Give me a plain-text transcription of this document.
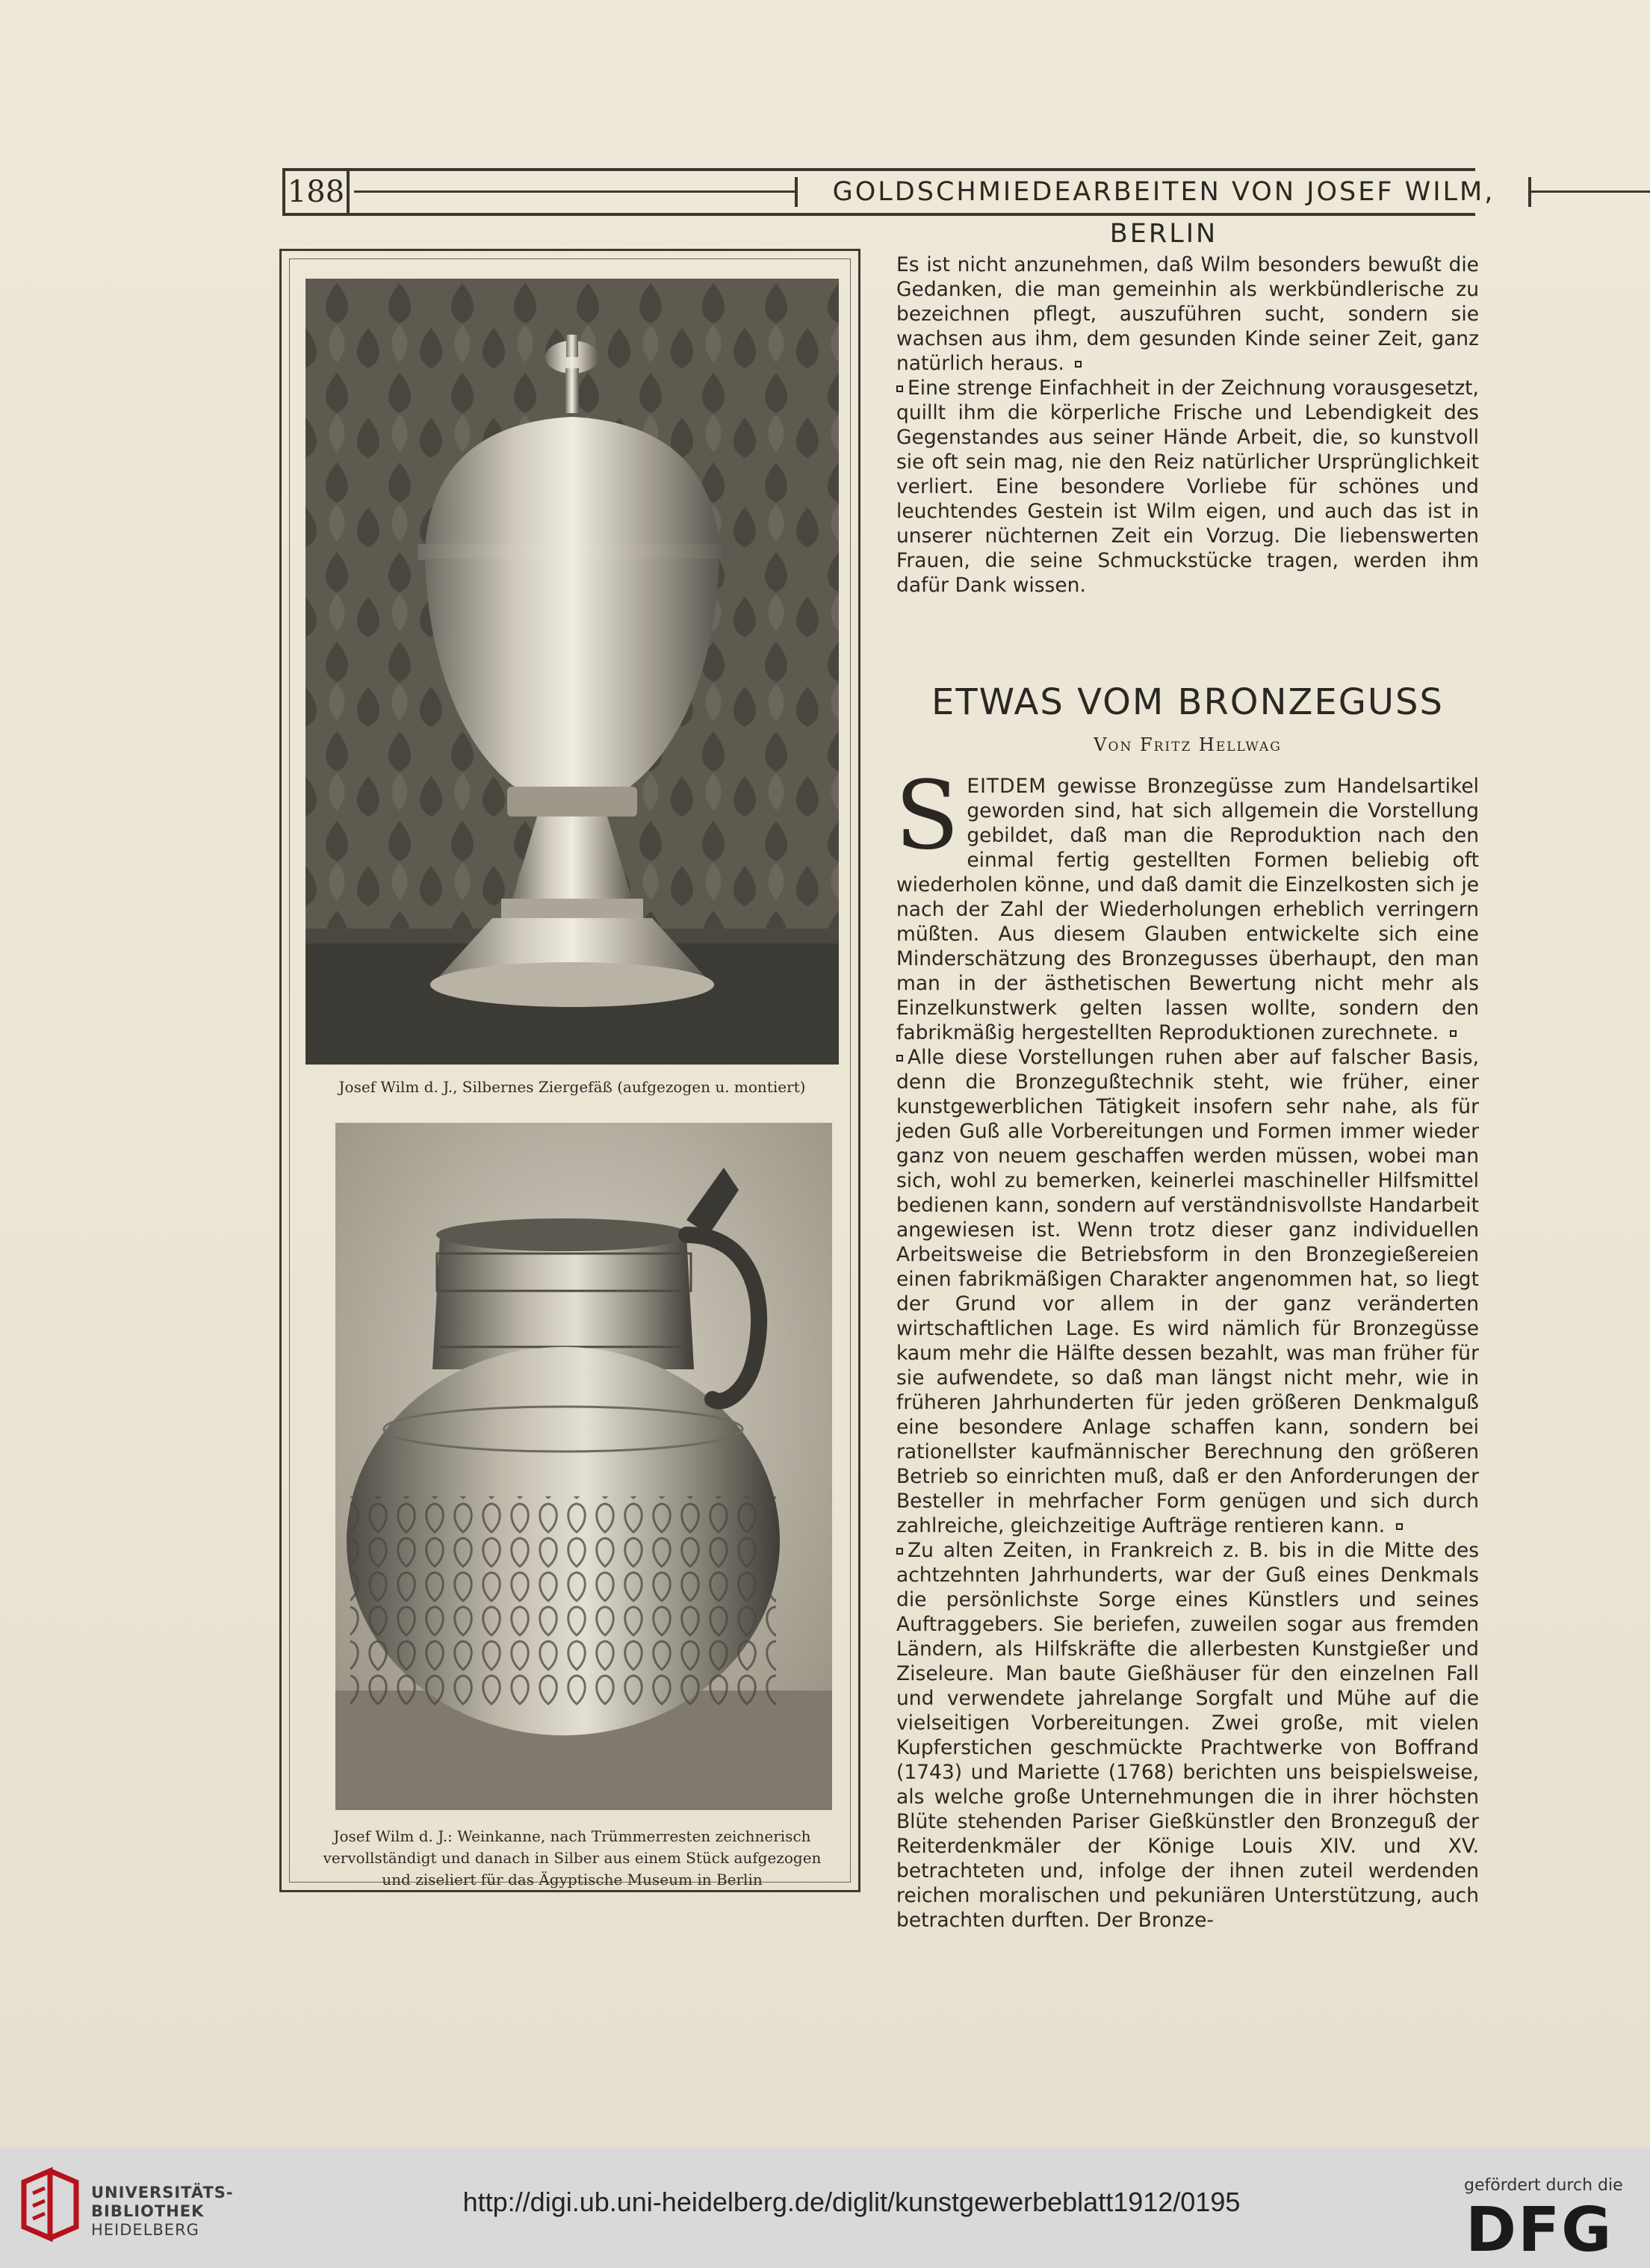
188	GOLDSCHMIEDEARBEITEN VON JOSEF WILM, BERLIN
Josef Wilm d. J., Silbernes Ziergefäß (aufgezogen u. montiert)
Josef Wilm d. J.: Weinkanne, nach Trümmerresten zeichnerisch
vervollständigt und danach in Silber aus einem Stück aufgezogen
und ziseliert für das Ägyptische Museum in Berlin

Es ist nicht anzunehmen, daß Wilm besonders bewußt die Gedanken, die man gemeinhin als werkbündlerische zu bezeichnen pflegt, auszuführen sucht, sondern sie wachsen aus ihm, dem gesunden Kinde seiner Zeit, ganz natürlich heraus.

Eine strenge Einfachheit in der Zeichnung vorausgesetzt, quillt ihm die körperliche Frische und Lebendigkeit des Gegenstandes aus seiner Hände Arbeit, die, so kunstvoll sie oft sein mag, nie den Reiz natürlicher Ursprünglichkeit verliert. Eine besondere Vorliebe für schönes und leuchtendes Gestein ist Wilm eigen, und auch das ist in unserer nüchternen Zeit ein Vorzug. Die liebenswerten Frauen, die seine Schmuckstücke tragen, werden ihm dafür Dank wissen.

ETWAS VOM BRONZEGUSS
Von Fritz Hellwag

SEITDEM gewisse Bronzegüsse zum Handelsartikel geworden sind, hat sich allgemein die Vorstellung gebildet, daß man die Reproduktion nach den einmal fertig gestellten Formen beliebig oft wiederholen könne, und daß damit die Einzelkosten sich je nach der Zahl der Wiederholungen erheblich verringern müßten. Aus diesem Glauben entwickelte sich eine Minderschätzung des Bronzegusses überhaupt, den man man in der ästhetischen Bewertung nicht mehr als Einzelkunstwerk gelten lassen wollte, sondern den fabrikmäßig hergestellten Reproduktionen zurechnete.

Alle diese Vorstellungen ruhen aber auf falscher Basis, denn die Bronzegußtechnik steht, wie früher, einer kunstgewerblichen Tätigkeit insofern sehr nahe, als für jeden Guß alle Vorbereitungen und Formen immer wieder ganz von neuem geschaffen werden müssen, wobei man sich, wohl zu bemerken, keinerlei maschineller Hilfsmittel bedienen kann, sondern auf verständnisvollste Handarbeit angewiesen ist. Wenn trotz dieser ganz individuellen Arbeitsweise die Betriebsform in den Bronzegießereien einen fabrikmäßigen Charakter angenommen hat, so liegt der Grund vor allem in der ganz veränderten wirtschaftlichen Lage. Es wird nämlich für Bronzegüsse kaum mehr die Hälfte dessen bezahlt, was man früher für sie aufwendete, so daß man längst nicht mehr, wie in früheren Jahrhunderten für jeden größeren Denkmalguß eine besondere Anlage schaffen kann, sondern bei rationellster kaufmännischer Berechnung den größeren Betrieb so einrichten muß, daß er den Anforderungen der Besteller in mehrfacher Form genügen und sich durch zahlreiche, gleichzeitige Aufträge rentieren kann.

Zu alten Zeiten, in Frankreich z. B. bis in die Mitte des achtzehnten Jahrhunderts, war der Guß eines Denkmals die persönlichste Sorge eines Künstlers und seines Auftraggebers. Sie beriefen, zuweilen sogar aus fremden Ländern, als Hilfskräfte die allerbesten Kunstgießer und Ziseleure. Man baute Gießhäuser für den einzelnen Fall und verwendete jahrelange Sorgfalt und Mühe auf die vielseitigen Vorbereitungen. Zwei große, mit vielen Kupferstichen geschmückte Prachtwerke von Boffrand (1743) und Mariette (1768) berichten uns beispielsweise, als welche große Unternehmungen die in ihrer höchsten Blüte stehenden Pariser Gießkünstler den Bronzeguß der Reiterdenkmäler der Könige Louis XIV. und XV. betrachteten und, infolge der ihnen zuteil werdenden reichen moralischen und pekuniären Unterstützung, auch betrachten durften. Der Bronze-

UNIVERSITÄTS-
BIBLIOTHEK
HEIDELBERG
http://digi.ub.uni-heidelberg.de/diglit/kunstgewerbeblatt1912/0195
gefördert durch die
DFG
